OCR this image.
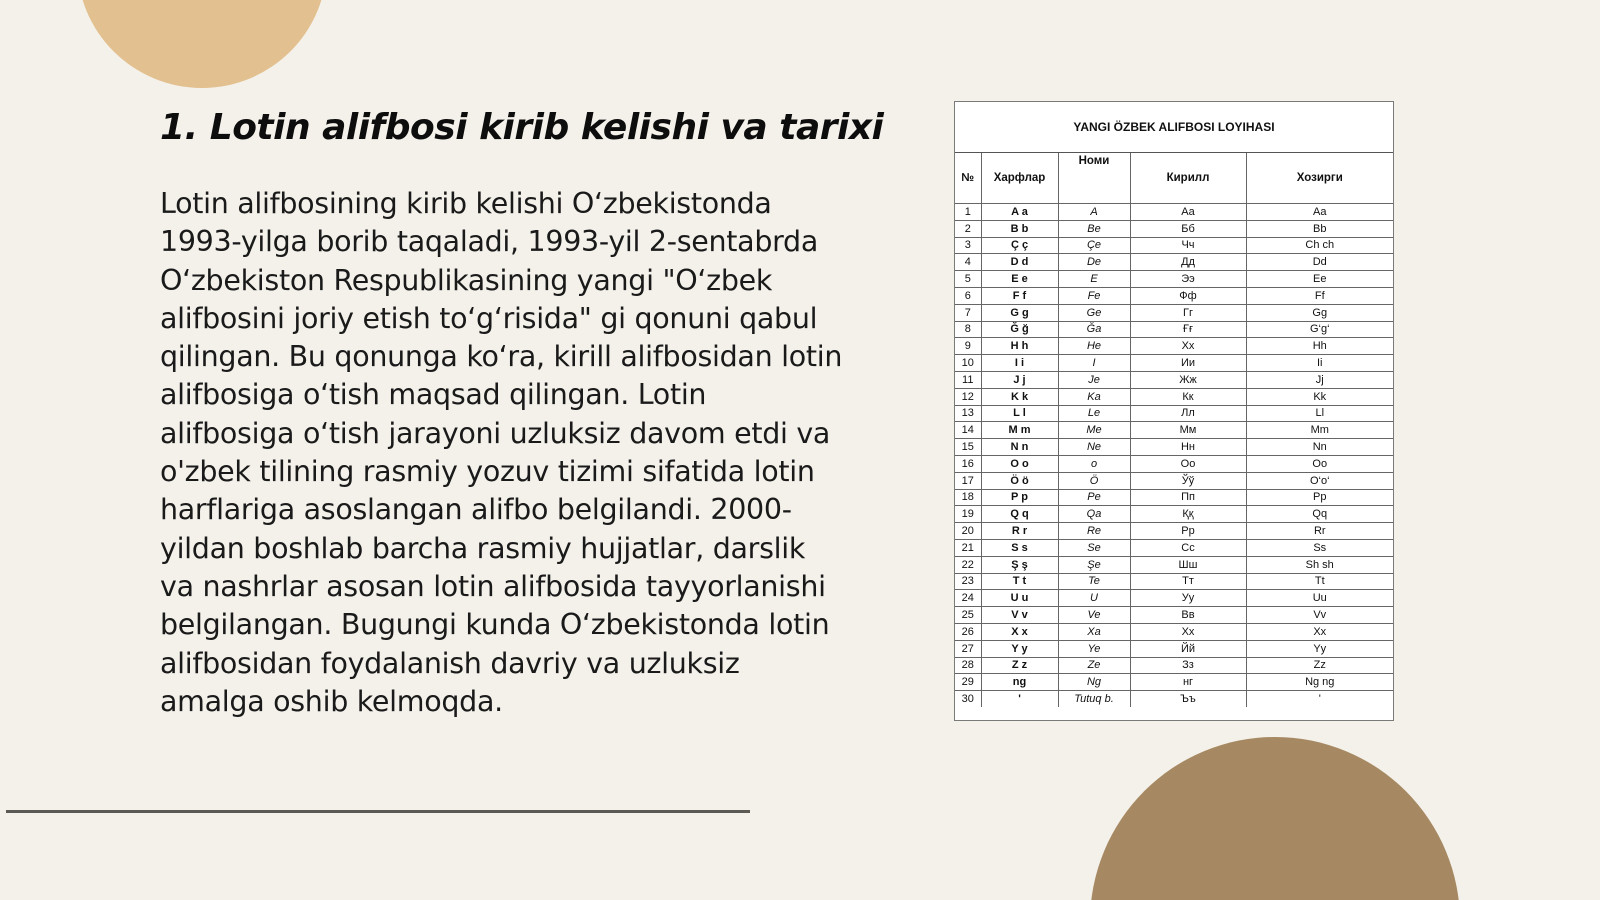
1. Lotin alifbosi kirib kelishi va tarixi

Lotin alifbosining kirib kelishi O‘zbekistonda 1993-yilga borib taqaladi, 1993-yil 2-sentabrda O‘zbekiston Respublikasining yangi "O‘zbek alifbosini joriy etish to‘g‘risida" gi qonuni qabul qilingan. Bu qonunga ko‘ra, kirill alifbosidan lotin alifbosiga o‘tish maqsad qilingan. Lotin alifbosiga o‘tish jarayoni uzluksiz davom etdi va o'zbek tilining rasmiy yozuv tizimi sifatida lotin harflariga asoslangan alifbo belgilandi. 2000-yildan boshlab barcha rasmiy hujjatlar, darslik va nashrlar asosan lotin alifbosida tayyorlanishi belgilangan. Bugungi kunda O‘zbekistonda lotin alifbosidan foydalanish davriy va uzluksiz amalga oshib kelmoqda.

YANGI ÖZBEK ALIFBOSI LOYIHASI
№	Харфлар	Номи	Кирилл	Хозирги
1	A a	A	Aa	Aa
2	B b	Be	Бб	Bb
3	Ç ç	Çe	Чч	Ch ch
4	D d	De	Дд	Dd
5	E e	E	Ээ	Ee
6	F f	Fe	Фф	Ff
7	G g	Ge	Гг	Gg
8	Ğ ğ	Ğa	Ғғ	G‘g‘
9	H h	He	Хх	Hh
10	I i	I	Ии	Ii
11	J j	Je	Жж	Jj
12	K k	Ka	Кк	Kk
13	L l	Le	Лл	Ll
14	M m	Me	Мм	Mm
15	N n	Ne	Нн	Nn
16	O o	o	Оо	Oo
17	Ö ö	Ö	Ўў	O‘o‘
18	P p	Pe	Пп	Pp
19	Q q	Qa	Ққ	Qq
20	R r	Re	Рр	Rr
21	S s	Se	Сс	Ss
22	Ş ş	Şe	Шш	Sh sh
23	T t	Te	Тт	Tt
24	U u	U	Уу	Uu
25	V v	Ve	Вв	Vv
26	X x	Xa	Хх	Xx
27	Y y	Ye	Йй	Yy
28	Z z	Ze	Зз	Zz
29	ng	Ng	нг	Ng ng
30	'	Tutuq b.	Ъъ	'
